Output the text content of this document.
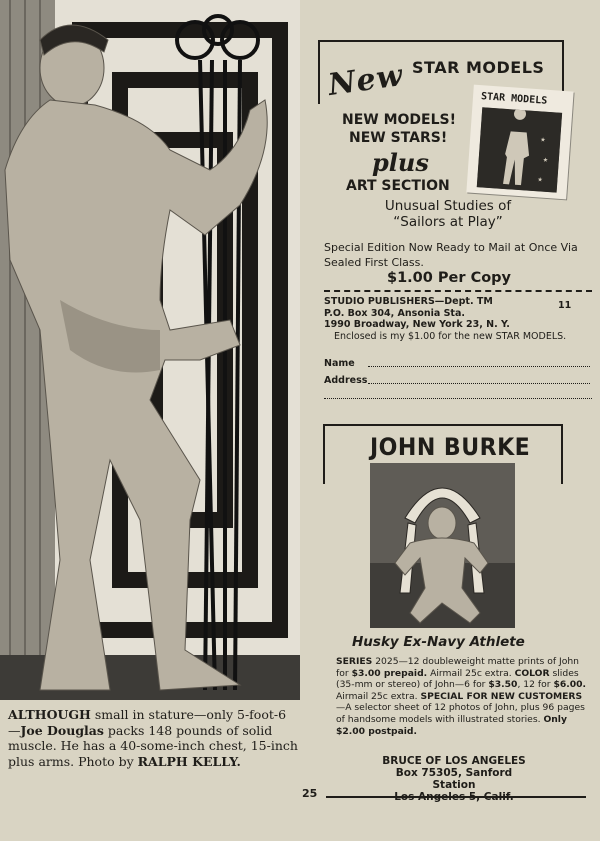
ALTHOUGH small in stature—only 5-foot-6—Joe Douglas packs 148 pounds of solid muscle. He has a 40-some-inch chest, 15-inch plus arms. Photo by RALPH KELLY.
New STAR MODELS
STAR MODELS
★
★
★
NEW MODELS!
NEW STARS!
plus
ART SECTION
Unusual Studies of “Sailors at Play”
Special Edition Now Ready to Mail at Once Via Sealed First Class.
$1.00 Per Copy
STUDIO PUBLISHERS—Dept. TM
P.O. Box 304, Ansonia Sta.
1990 Broadway, New York 23, N. Y.
11
Enclosed is my $1.00 for the new STAR MODELS.
Name
Address
JOHN BURKE
Husky Ex-Navy Athlete
SERIES 2025—12 doubleweight matte prints of John for $3.00 prepaid. Airmail 25c extra. COLOR slides (35-mm or stereo) of John—6 for $3.50, 12 for $6.00. Airmail 25c extra. SPECIAL FOR NEW CUSTOMERS—A selector sheet of 12 photos of John, plus 96 pages of handsome models with illustrated stories. Only $2.00 postpaid.
BRUCE OF LOS ANGELES
Box 75305, Sanford Station
Los Angeles 5, Calif.
25
